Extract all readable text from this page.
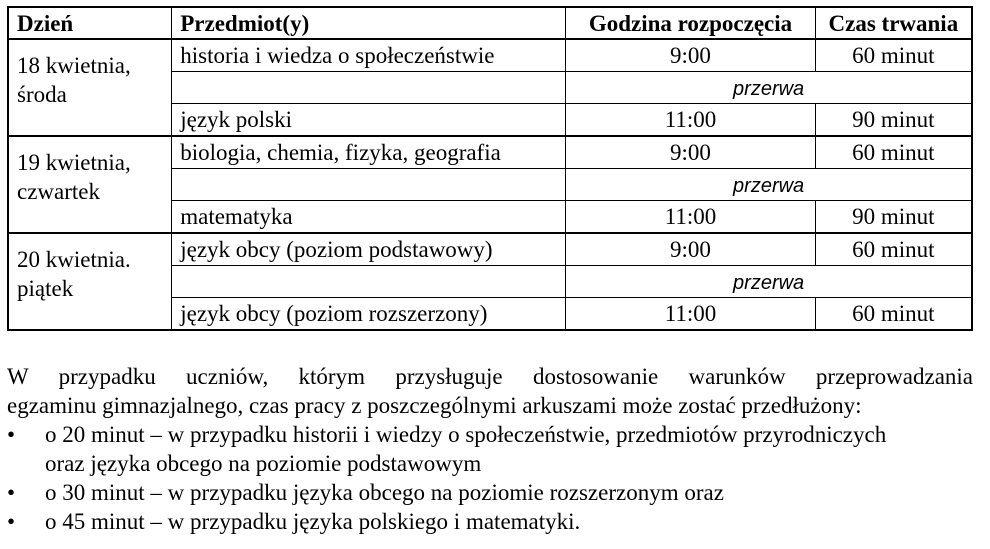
Dzień	Przedmiot(y)	Godzina rozpoczęcia	Czas trwania
18 kwietnia,
środa	historia i wiedza o społeczeństwie	9:00	60 minut
		przerwa	
	język polski	11:00	90 minut
19 kwietnia,
czwartek	biologia, chemia, fizyka, geografia	9:00	60 minut
		przerwa	
	matematyka	11:00	90 minut
20 kwietnia.
piątek	język obcy (poziom podstawowy)	9:00	60 minut
		przerwa	
	język obcy (poziom rozszerzony)	11:00	60 minut

W przypadku uczniów, którym przysługuje dostosowanie warunków przeprowadzania

egzaminu gimnazjalnego, czas pracy z poszczególnymi arkuszami może zostać przedłużony:

•	o 20 minut – w przypadku historii i wiedzy o społeczeństwie, przedmiotów przyrodniczych
oraz języka obcego na poziomie podstawowym
•	o 30 minut – w przypadku języka obcego na poziomie rozszerzonym oraz
•	o 45 minut – w przypadku języka polskiego i matematyki.
